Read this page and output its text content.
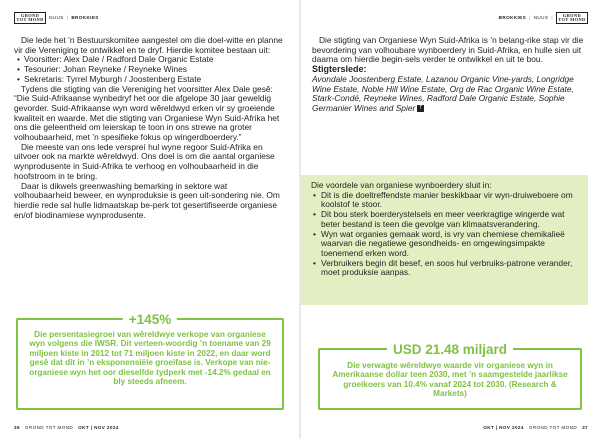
GROND
TOT MOND NUUS | BROKKIES	BROKKIES | NUUS |
GROND
TOT MOND

Die lede het ’n Bestuurskomitee aangestel om die doel-witte en planne vir die Vereniging te ontwikkel en te dryf. Hierdie komitee bestaan uit:

• Voorsitter: Alex Dale / Radford Dale Organic Estate
• Tesourier: Johan Reyneke / Reyneke Wines
• Sekretaris: Tyrrel Myburgh / Joostenberg Estate

Tydens die stigting van die Vereniging het voorsitter Alex Dale gesê: “Die Suid-Afrikaanse wynbedryf het oor die afgelope 30 jaar geweldig gevorder. Suid-Afrikaanse wyn word wêreldwyd erken vir sy groeiende kwaliteit en waarde. Met die stigting van Organiese Wyn Suid-Afrika het ons die geleentheid om leierskap te toon in ons strewe na groter volhoubaarheid, met ’n spesifieke fokus op wingerdboerdery.”

Die meeste van ons lede verspreí hul wyne regoor Suid-Afrika en uitvoer ook na markte wêreldwyd. Ons doel is om die aantal organiese wynprodusente in Suid-Afrika te verhoog en volhoubaarheid in die hoofstroom in te bring.

Daar is dikwels greenwashing bemarking in sektore wat volhoubaarheid beweer, en wynproduksie is geen uit-sondering nie. Om hierdie rede sal hulle lidmaatskap be-perk tot gesertifiseerde organiese en/of biodinamiese wynprodusente.

+145%
Die persentasiegroei van wêreldwye verkope van organiese wyn volgens die IWSR. Dit verteen-woordig ’n toename van 29 miljoen kiste in 2012 tot 71 miljoen kiste in 2022, en daar word gesê dat dit in ’n eksponensiële groeifase is. Verkope van nie-organiese wyn het oor dieselfde tydperk met -14.2% gedaal en bly steeds afneem.

Die stigting van Organiese Wyn Suid-Afrika is ’n belang-rike stap vir die bevordering van volhoubare wynboerdery in Suid-Afrika, en hulle sien uit daarna om hierdie begin-sels verder te ontwikkel en uit te bou.

Stigterslede:

Avondale Joostenberg Estate, Lazanou Organic Vine-yards, Longridge Wine Estate, Noble Hill Wine Estate, Org de Rac Organic Wine Estate, Stark-Condé, Reyneke Wines, Radford Dale Organic Estate, Sophie Germanier Wines and Spier T

Die voordele van organiese wynboerdery sluit in:

• Dit is die doeltreffendste manier beskikbaar vir wyn-druiweboere om koolstof te stoor.
• Dit bou sterk boerderystelsels en meer veerkragtige wingerde wat beter bestand is teen die gevolge van klimaatsverandering.
• Wyn wat organies gemaak word, is vry van chemiese chemikalieë waarvan die negatiewe gesondheids- en omgewingsimpakte toenemend erken word.
• Verbruikers begin dit besef, en soos hul verbruiks-patrone verander, moet produksie aanpas.
USD 21.48 miljard
Die verwagte wêreldwye waarde vir organiese wyn in Amerikaanse dollar teen 2030, met ’n saamgestelde jaarlikse groeikoers van 10.4% vanaf 2024 tot 2030. (Research & Markets)
36 GROND TOT MOND OKT | NOV 2024	OKT | NOV 2024 GROND TOT MOND 37
